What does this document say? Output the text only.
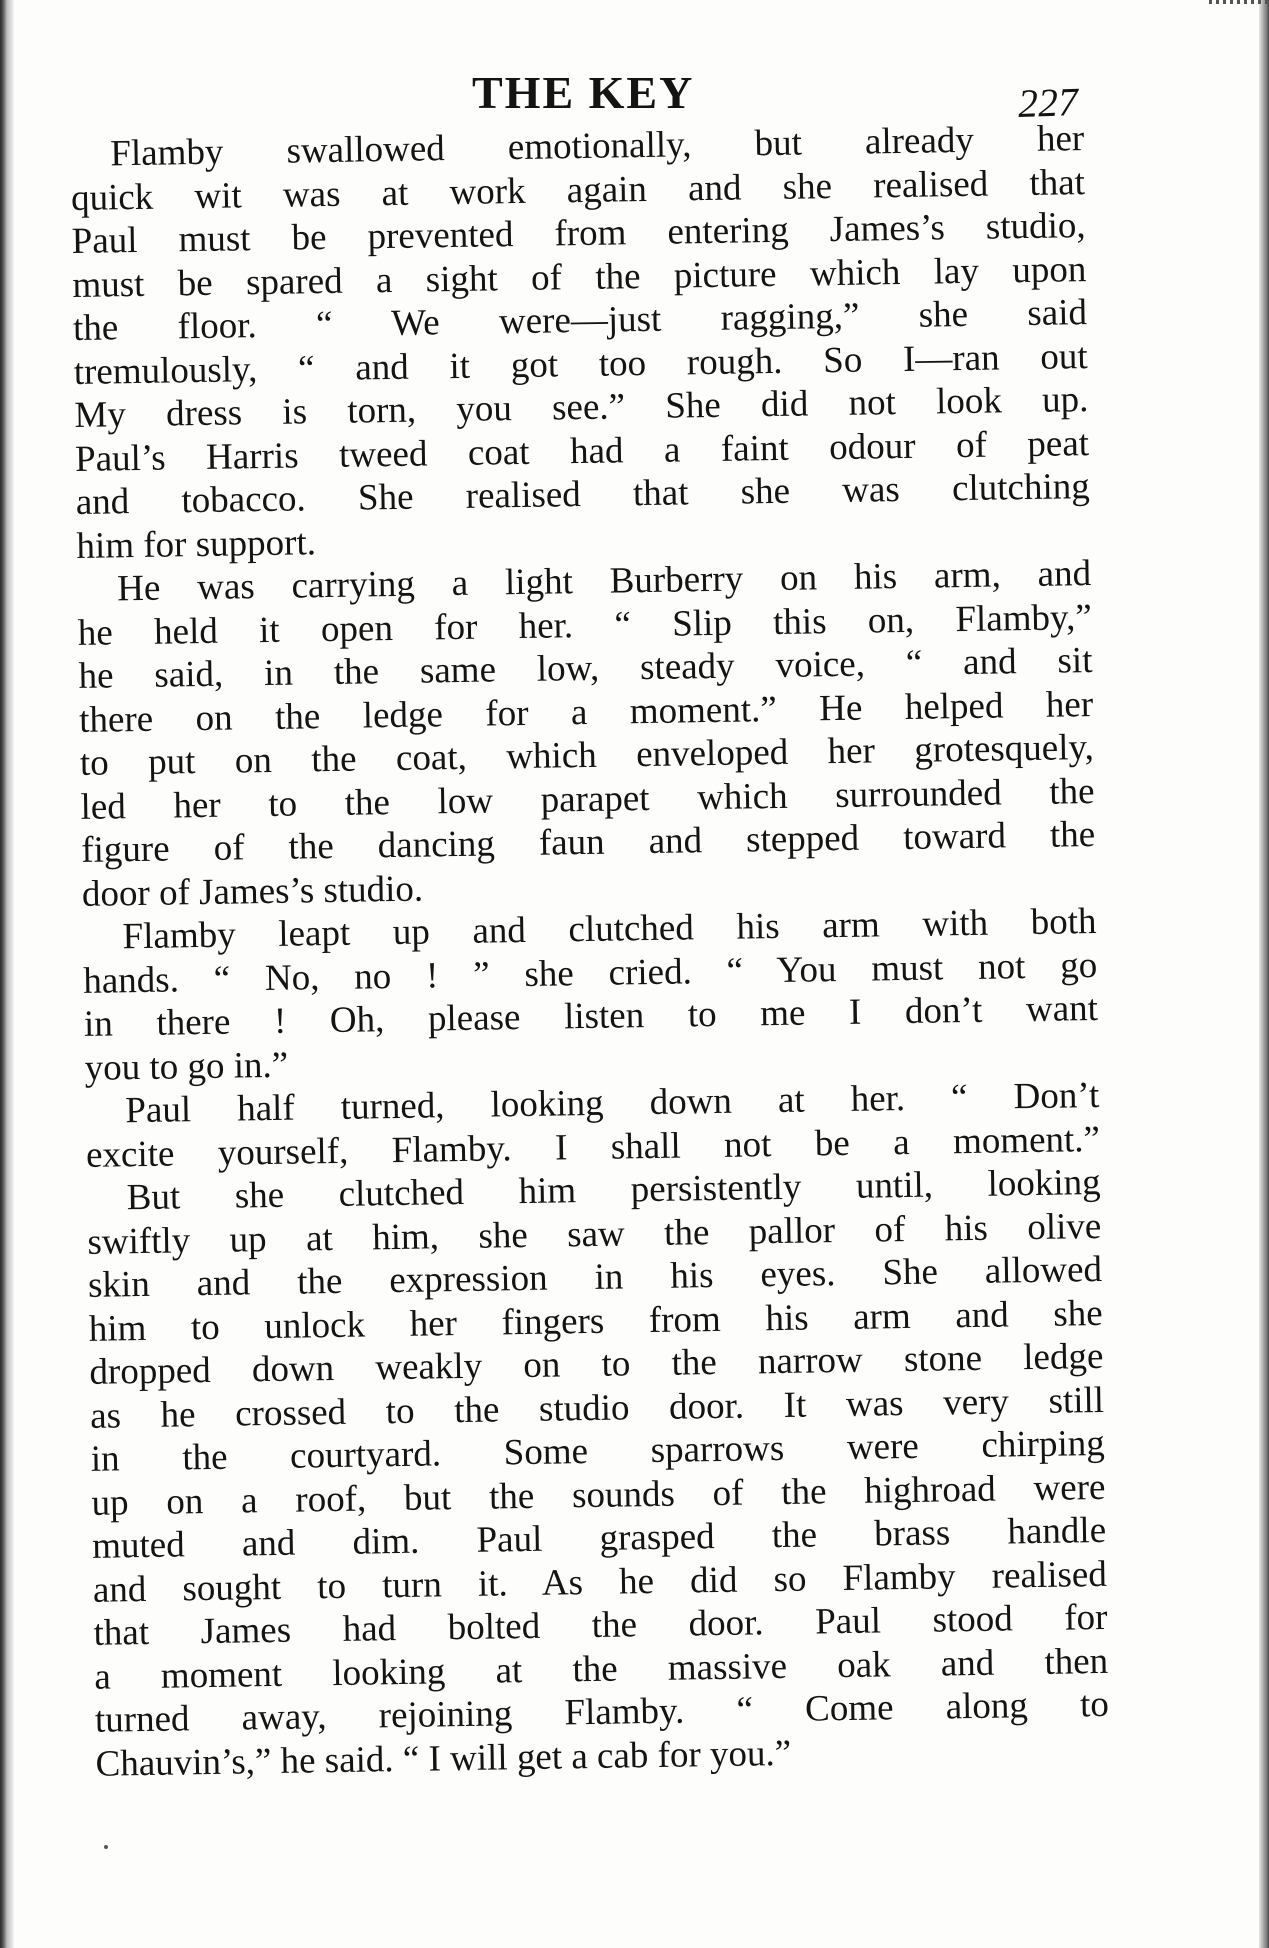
THE KEY	227
Flamby swallowed emotionally, but already her
quick wit was at work again and she realised that
Paul must be prevented from entering James’s studio,
must be spared a sight of the picture which lay upon
the floor. “ We were—just ragging,” she said
tremulously, “ and it got too rough. So I—ran out
My dress is torn, you see.” She did not look up.
Paul’s Harris tweed coat had a faint odour of peat
and tobacco. She realised that she was clutching
him for support.
He was carrying a light Burberry on his arm, and
he held it open for her. “ Slip this on, Flamby,”
he said, in the same low, steady voice, “ and sit
there on the ledge for a moment.” He helped her
to put on the coat, which enveloped her grotesquely,
led her to the low parapet which surrounded the
figure of the dancing faun and stepped toward the
door of James’s studio.
Flamby leapt up and clutched his arm with both
hands. “ No, no ! ” she cried. “ You must not go
in there ! Oh, please listen to me I don’t want
you to go in.”
Paul half turned, looking down at her. “ Don’t
excite yourself, Flamby. I shall not be a moment.”
But she clutched him persistently until, looking
swiftly up at him, she saw the pallor of his olive
skin and the expression in his eyes. She allowed
him to unlock her fingers from his arm and she
dropped down weakly on to the narrow stone ledge
as he crossed to the studio door. It was very still
in the courtyard. Some sparrows were chirping
up on a roof, but the sounds of the highroad were
muted and dim. Paul grasped the brass handle
and sought to turn it. As he did so Flamby realised
that James had bolted the door. Paul stood for
a moment looking at the massive oak and then
turned away, rejoining Flamby. “ Come along to
Chauvin’s,” he said. “ I will get a cab for you.”
